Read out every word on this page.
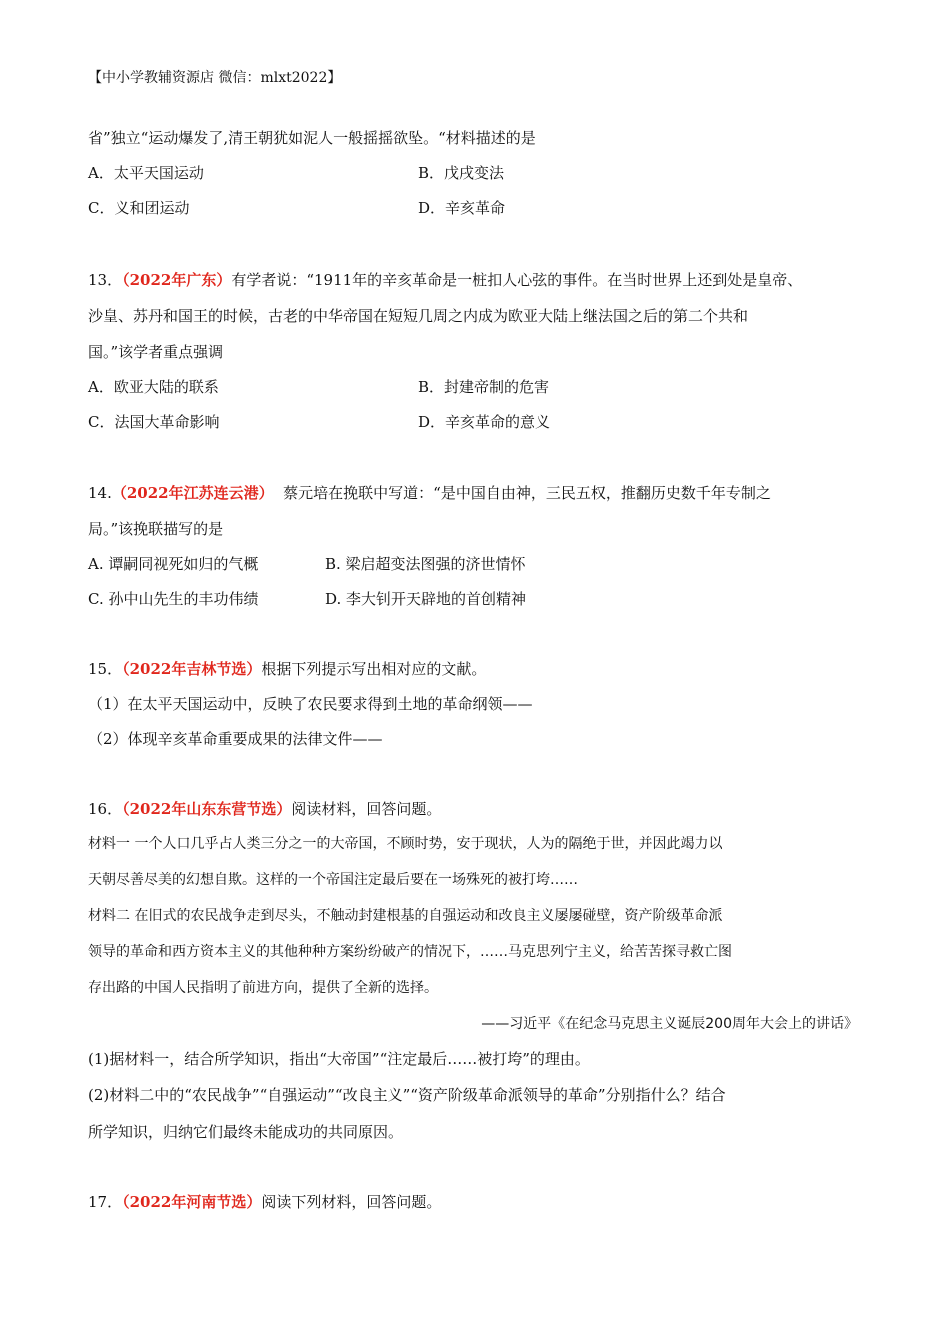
【中小学教辅资源店 微信：mlxt2022】
省”独立“运动爆发了,清王朝犹如泥人一般摇摇欲坠。“材料描述的是
A．太平天国运动	B．戊戌变法
C．义和团运动	D．辛亥革命
13．（2022年广东）有学者说：“1911年的辛亥革命是一桩扣人心弦的事件。在当时世界上还到处是皇帝、
沙皇、苏丹和国王的时候，古老的中华帝国在短短几周之内成为欧亚大陆上继法国之后的第二个共和
国。”该学者重点强调
A．欧亚大陆的联系	B．封建帝制的危害
C．法国大革命影响	D．辛亥革命的意义
14.（2022年江苏连云港）  蔡元培在挽联中写道：“是中国自由神，三民五权，推翻历史数千年专制之
局。”该挽联描写的是
A. 谭嗣同视死如归的气概	B. 梁启超变法图强的济世情怀
C. 孙中山先生的丰功伟绩	D. 李大钊开天辟地的首创精神
15．（2022年吉林节选）根据下列提示写出相对应的文献。
（1）在太平天国运动中，反映了农民要求得到土地的革命纲领——
（2）体现辛亥革命重要成果的法律文件——
16．（2022年山东东营节选）阅读材料，回答问题。
材料一 一个人口几乎占人类三分之一的大帝国，不顾时势，安于现状，人为的隔绝于世，并因此竭力以
天朝尽善尽美的幻想自欺。这样的一个帝国注定最后要在一场殊死的被打垮……
材料二 在旧式的农民战争走到尽头，不触动封建根基的自强运动和改良主义屡屡碰壁，资产阶级革命派
领导的革命和西方资本主义的其他种种方案纷纷破产的情况下，……马克思列宁主义，给苦苦探寻救亡图
存出路的中国人民指明了前进方向，提供了全新的选择。
——习近平《在纪念马克思主义诞辰200周年大会上的讲话》
(1)据材料一，结合所学知识，指出“大帝国”“注定最后……被打垮”的理由。
(2)材料二中的“农民战争”“自强运动”“改良主义”“资产阶级革命派领导的革命”分别指什么？结合
所学知识，归纳它们最终未能成功的共同原因。
17．（2022年河南节选）阅读下列材料，回答问题。
